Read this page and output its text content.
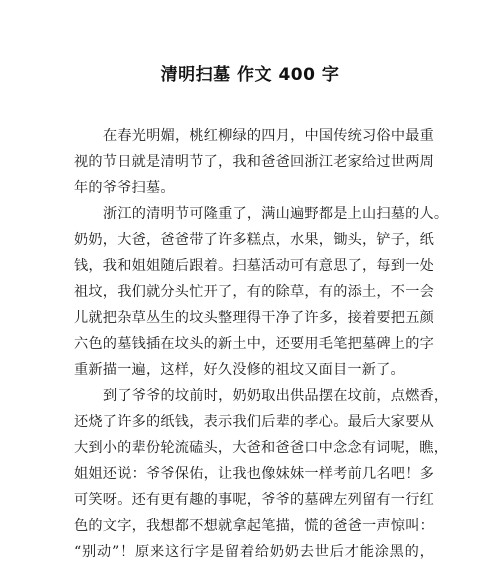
清明扫墓 作文 400 字
在春光明媚，桃红柳绿的四月，中国传统习俗中最重
视的节日就是清明节了，我和爸爸回浙江老家给过世两周
年的爷爷扫墓。
浙江的清明节可隆重了，满山遍野都是上山扫墓的人。
奶奶，大爸，爸爸带了许多糕点，水果，锄头，铲子，纸
钱，我和姐姐随后跟着。扫墓活动可有意思了，每到一处
祖坟，我们就分头忙开了，有的除草，有的添土，不一会
儿就把杂草丛生的坟头整理得干净了许多，接着要把五颜
六色的墓钱插在坟头的新土中，还要用毛笔把墓碑上的字
重新描一遍，这样，好久没修的祖坟又面目一新了。
到了爷爷的坟前时，奶奶取出供品摆在坟前，点燃香，
还烧了许多的纸钱，表示我们后辈的孝心。最后大家要从
大到小的辈份轮流磕头，大爸和爸爸口中念念有词呢，瞧，
姐姐还说：爷爷保佑，让我也像妹妹一样考前几名吧！多
可笑呀。还有更有趣的事呢，爷爷的墓碑左列留有一行红
色的文字，我想都不想就拿起笔描，慌的爸爸一声惊叫：
“别动”！原来这行字是留着给奶奶去世后才能涂黑的，
